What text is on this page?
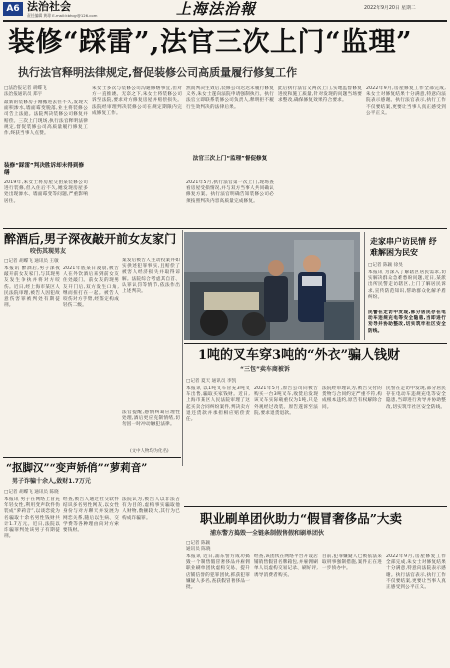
A6 法治社会
责任编辑 黄琼 E-mail:kbhqy@126.com	上海法治報	2022年9月20日 星期二
装修“踩雷”,法官三次上门“监理”
执行法官释明法律规定,督促装修公司高质量履行修复工作
□法治报记者 胡蝶飞
法治报通讯员 郑宇
最新的装修房子刚搬进去住不久,发现大面积渗水,墙面霉变脱落,业主将装修公司告上法庭。法院判决装修公司修复并赔偿。三次上门现场,执行法官释明法律规定,督促装修公司高质量履行修复工作,终获当事人点赞。
装修“踩雷”判决胜诉却未得到修缮
2019年,朱女士将房屋交由某装修公司进行装修,但入住后不久,她发现房屋多处出现渗水、墙面霉变等问题,严重影响居住。
朱女士多次与装修公司沟通修缮事宜,但对方一直推诿。无奈之下,朱女士将装修公司诉至法院,要求对方修复房屋并赔偿损失。法院经审理判决装修公司在规定期限内完成修复工作。
然而判决生效后,装修公司迟迟未履行修复义务,朱女士遂向法院申请强制执行。执行法官立即联系装修公司负责人,释明拒不履行生效判决的法律后果。
法官三次上门“监理”督促修复
2021年5月,执行法官第一次上门,现场查看房屋受损情况,并与双方当事人共同确认修复方案。执行法官明确告知装修公司必须按照判决内容高质量完成修复。
此后执行法官又两次上门,实地监督修复进度和施工质量,针对发现的问题当场要求整改,确保修复效果符合要求。
2022年9月,房屋修复工作全部完成,朱女士对修复结果十分满意,特意向法院表示感谢。执行法官表示,执行工作不仅要结案,更要让当事人真正感受到公平正义。
醉酒后,男子深夜敲开前女友家门
咬伤其现男友
□记者 胡蝶飞 通讯员 王敏
本报讯 醉酒后,男子深夜敲开前女友家门,与其现男友发生争执并将对方咬伤。近日,经上海市某区人民法院审理,被告人因犯故意伤害罪被判处有期徒刑。
2021年底某日凌晨,被告人在外饮酒后来到前女友住处敲门。前女友的现男友开门后,双方发生口角,继而扭打在一起。被告人咬伤对方手臂,经鉴定构成轻伤二级。
案发后被告人主动投案并如实供述犯罪事实,且赔偿了被害人经济损失并取得谅解。法院综合考虑其自首、认罪认罚等情节,依法作出上述判决。
法官提醒,感情纠葛应理性处理,酒后更应克制情绪,切勿因一时冲动触犯法律。
(文中人物均为化名)
走家串户访民情 纾难解困为民安
□记者 陈颖 徐旻
本报讯 为深入了解辖区居民需求,切实解决群众急难愁盼问题,近日,某派出所民警走访辖区,上门了解居民诉求,宣传防范知识,帮助群众化解矛盾纠纷。
民警在走访中发现,部分居民存在电动车违规充电等安全隐患,当即进行劝导并协助整改,切实筑牢社区安全防线。
1吨的叉车穿3吨的“外衣”骗人钱财
“三包”卖车商被诉
□记者 夏天 通讯员 李凯
本报讯 以1吨叉车冒充3吨叉车出售,骗取买家钱财。近日,上海市某区人民法院审理了这起买卖合同纠纷案件,判决卖方退还货款并承担相应赔偿责任。
2021年5月,原告公司向被告购买一台3吨叉车,收货后发现该叉车实际载重仅为1吨,只是外观经过改装。原告遂诉至法院,要求退货退款。
法院经审理认为,被告交付的货物与合同约定严重不符,构成根本违约,原告有权解除合同。
民警在走访中发现,部分居民存在电动车违规充电等安全隐患,当即进行劝导并协助整改,切实筑牢社区安全防线。
“抠脚汉”“变声娇俏”“萝莉音”
男子诈骗十余人,敛财1.7万元
□记者 胡蝶飞 通讯员 陈晓
本报讯 男子在网络上冒充年轻女性,利用变声软件伪装成“萝莉音”,以谈恋爱为名骗取十余名男性钱财共计1.7万元。近日,法院以诈骗罪判处该男子有期徒刑。
经查,被告人通过社交软件结识多名男性网友,以女性身份与对方聊天并发展为网恋关系,随后以生病、交学费等各种理由向对方索要钱财。
法院认为,被告人以非法占有为目的,虚构事实骗取他人财物,数额较大,其行为已构成诈骗罪。	职业刷单团伙助力“假冒奢侈品”大卖
浦东警方捣毁一全链条制假售假和刷单团伙
□记者 陈颖
通讯员 陈晓
本报讯 近日,浦东警方成功捣毁一个制售假冒奢侈品并雇佣职业刷单团伙虚构交易、提升店铺信誉的犯罪团伙,抓获犯罪嫌疑人多名,查获假冒奢侈品一批。
经查,该团伙在网络平台开设店铺销售假冒名牌箱包,并雇佣刷单人员虚构交易记录、刷好评,诱导消费者购买。
目前,犯罪嫌疑人已被依法采取刑事强制措施,案件正在进一步侦办中。
2022年9月,房屋修复工作全部完成,朱女士对修复结果十分满意,特意向法院表示感谢。执行法官表示,执行工作不仅要结案,更要让当事人真正感受到公平正义。
